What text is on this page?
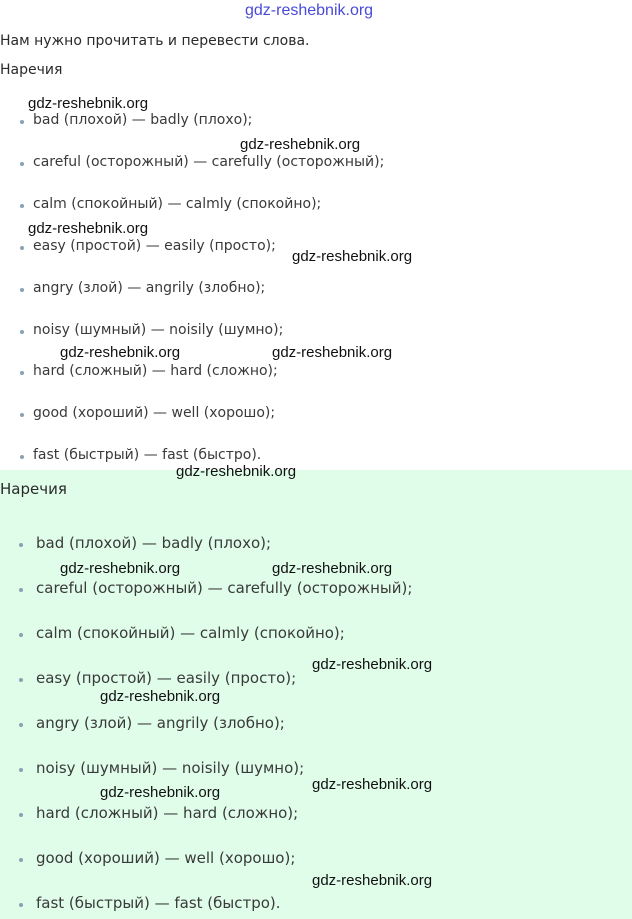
gdz-reshebnik.org
Нам нужно прочитать и перевести слова.
Наречия
bad (плохой) — badly (плохо);
careful (осторожный) — carefully (осторожный);
calm (спокойный) — calmly (спокойно);
easy (простой) — easily (просто);
angry (злой) — angrily (злобно);
noisy (шумный) — noisily (шумно);
hard (сложный) — hard (сложно);
good (хороший) — well (хорошо);
fast (быстрый) — fast (быстро).
Наречия
bad (плохой) — badly (плохо);
careful (осторожный) — carefully (осторожный);
calm (спокойный) — calmly (спокойно);
easy (простой) — easily (просто);
angry (злой) — angrily (злобно);
noisy (шумный) — noisily (шумно);
hard (сложный) — hard (сложно);
good (хороший) — well (хорошо);
fast (быстрый) — fast (быстро).
gdz-reshebnik.org
gdz-reshebnik.org
gdz-reshebnik.org
gdz-reshebnik.org
gdz-reshebnik.org	gdz-reshebnik.org
gdz-reshebnik.org
gdz-reshebnik.org	gdz-reshebnik.org
gdz-reshebnik.org
gdz-reshebnik.org
gdz-reshebnik.org
gdz-reshebnik.org
gdz-reshebnik.org
